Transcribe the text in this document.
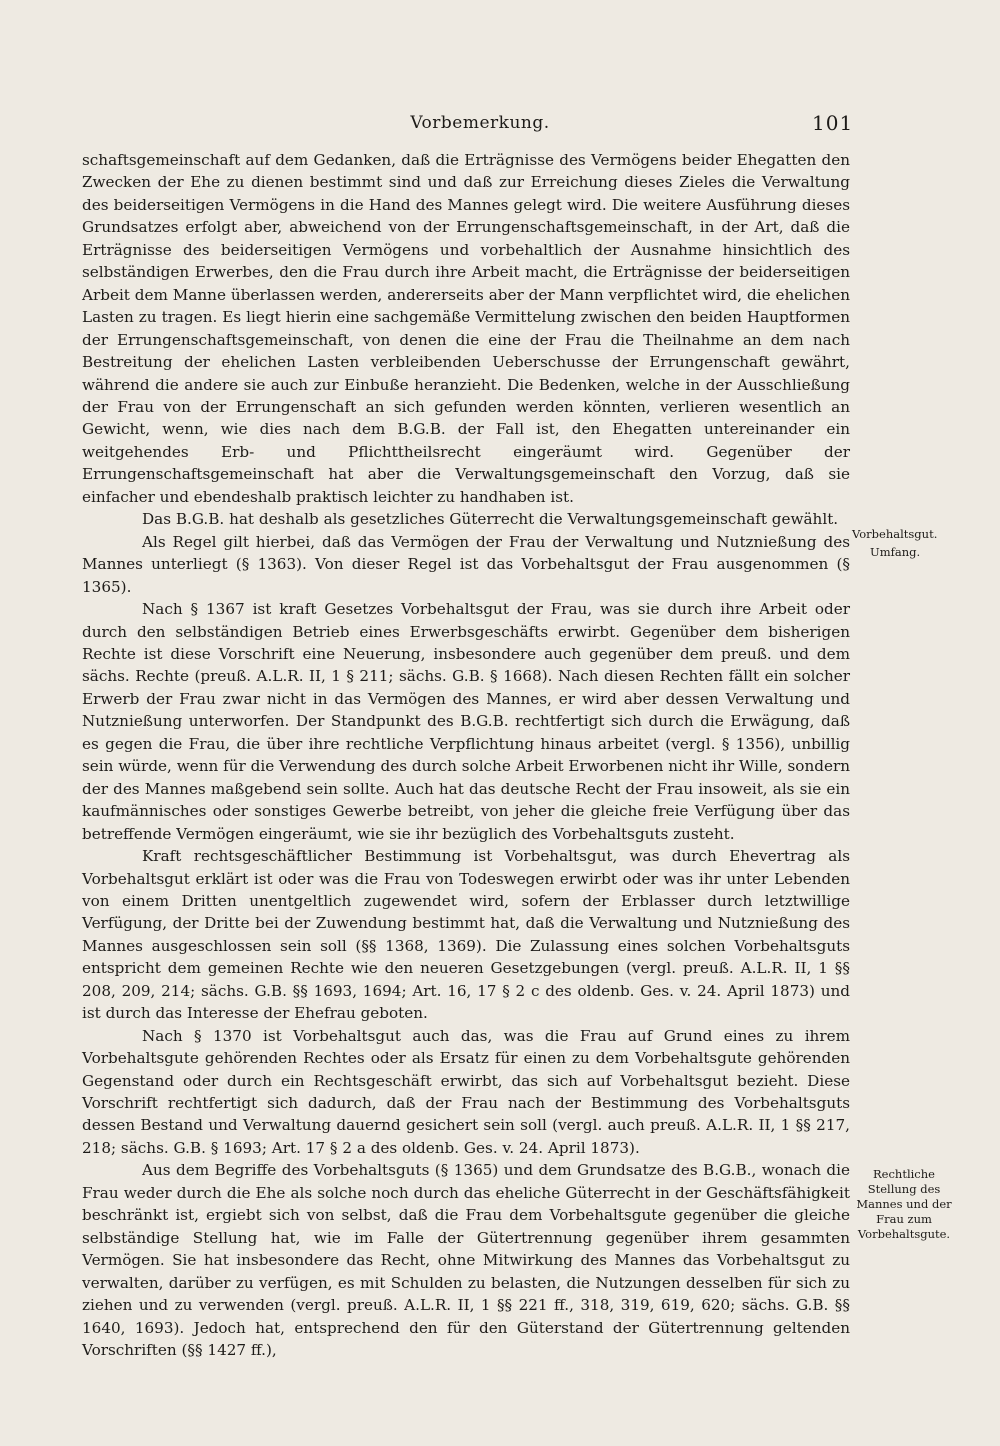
Vorbemerkung.	101

schaftsgemeinschaft auf dem Gedanken, daß die Erträgnisse des Vermögens beider Ehegatten den Zwecken der Ehe zu dienen bestimmt sind und daß zur Erreichung dieses Zieles die Verwaltung des beiderseitigen Vermögens in die Hand des Mannes gelegt wird. Die weitere Ausführung dieses Grundsatzes erfolgt aber, abweichend von der Errungenschaftsgemeinschaft, in der Art, daß die Erträgnisse des beiderseitigen Vermögens und vorbehaltlich der Ausnahme hinsichtlich des selbständigen Erwerbes, den die Frau durch ihre Arbeit macht, die Erträgnisse der beiderseitigen Arbeit dem Manne überlassen werden, andererseits aber der Mann verpflichtet wird, die ehelichen Lasten zu tragen. Es liegt hierin eine sachgemäße Vermittelung zwischen den beiden Hauptformen der Errungenschaftsgemeinschaft, von denen die eine der Frau die Theilnahme an dem nach Bestreitung der ehelichen Lasten verbleibenden Ueberschusse der Errungenschaft gewährt, während die andere sie auch zur Einbuße heranzieht. Die Bedenken, welche in der Ausschließung der Frau von der Errungenschaft an sich gefunden werden könnten, verlieren wesentlich an Gewicht, wenn, wie dies nach dem B.G.B. der Fall ist, den Ehegatten untereinander ein weitgehendes Erb- und Pflichttheilsrecht eingeräumt wird. Gegenüber der Errungenschaftsgemeinschaft hat aber die Verwaltungsgemeinschaft den Vorzug, daß sie einfacher und ebendeshalb praktisch leichter zu handhaben ist.

Das B.G.B. hat deshalb als gesetzliches Güterrecht die Verwaltungsgemeinschaft gewählt.

Als Regel gilt hierbei, daß das Vermögen der Frau der Verwaltung und Nutznießung des Mannes unterliegt (§ 1363). Von dieser Regel ist das Vorbehaltsgut der Frau ausgenommen (§ 1365).

Nach § 1367 ist kraft Gesetzes Vorbehaltsgut der Frau, was sie durch ihre Arbeit oder durch den selbständigen Betrieb eines Erwerbsgeschäfts erwirbt. Gegenüber dem bisherigen Rechte ist diese Vorschrift eine Neuerung, insbesondere auch gegenüber dem preuß. und dem sächs. Rechte (preuß. A.L.R. II, 1 § 211; sächs. G.B. § 1668). Nach diesen Rechten fällt ein solcher Erwerb der Frau zwar nicht in das Vermögen des Mannes, er wird aber dessen Verwaltung und Nutznießung unterworfen. Der Standpunkt des B.G.B. rechtfertigt sich durch die Erwägung, daß es gegen die Frau, die über ihre rechtliche Verpflichtung hinaus arbeitet (vergl. § 1356), unbillig sein würde, wenn für die Verwendung des durch solche Arbeit Erworbenen nicht ihr Wille, sondern der des Mannes maßgebend sein sollte. Auch hat das deutsche Recht der Frau insoweit, als sie ein kaufmännisches oder sonstiges Gewerbe betreibt, von jeher die gleiche freie Verfügung über das betreffende Vermögen eingeräumt, wie sie ihr bezüglich des Vorbehaltsguts zusteht.

Kraft rechtsgeschäftlicher Bestimmung ist Vorbehaltsgut, was durch Ehevertrag als Vorbehaltsgut erklärt ist oder was die Frau von Todeswegen erwirbt oder was ihr unter Lebenden von einem Dritten unentgeltlich zugewendet wird, sofern der Erblasser durch letztwillige Verfügung, der Dritte bei der Zuwendung bestimmt hat, daß die Verwaltung und Nutznießung des Mannes ausgeschlossen sein soll (§§ 1368, 1369). Die Zulassung eines solchen Vorbehaltsguts entspricht dem gemeinen Rechte wie den neueren Gesetzgebungen (vergl. preuß. A.L.R. II, 1 §§ 208, 209, 214; sächs. G.B. §§ 1693, 1694; Art. 16, 17 § 2 c des oldenb. Ges. v. 24. April 1873) und ist durch das Interesse der Ehefrau geboten.

Nach § 1370 ist Vorbehaltsgut auch das, was die Frau auf Grund eines zu ihrem Vorbehaltsgute gehörenden Rechtes oder als Ersatz für einen zu dem Vorbehaltsgute gehörenden Gegenstand oder durch ein Rechtsgeschäft erwirbt, das sich auf Vorbehaltsgut bezieht. Diese Vorschrift rechtfertigt sich dadurch, daß der Frau nach der Bestimmung des Vorbehaltsguts dessen Bestand und Verwaltung dauernd gesichert sein soll (vergl. auch preuß. A.L.R. II, 1 §§ 217, 218; sächs. G.B. § 1693; Art. 17 § 2 a des oldenb. Ges. v. 24. April 1873).

Aus dem Begriffe des Vorbehaltsguts (§ 1365) und dem Grundsatze des B.G.B., wonach die Frau weder durch die Ehe als solche noch durch das eheliche Güterrecht in der Geschäftsfähigkeit beschränkt ist, ergiebt sich von selbst, daß die Frau dem Vorbehaltsgute gegenüber die gleiche selbständige Stellung hat, wie im Falle der Gütertrennung gegenüber ihrem gesammten Vermögen. Sie hat insbesondere das Recht, ohne Mitwirkung des Mannes das Vorbehaltsgut zu verwalten, darüber zu verfügen, es mit Schulden zu belasten, die Nutzungen desselben für sich zu ziehen und zu verwenden (vergl. preuß. A.L.R. II, 1 §§ 221 ff., 318, 319, 619, 620; sächs. G.B. §§ 1640, 1693). Jedoch hat, entsprechend den für den Güterstand der Gütertrennung geltenden Vorschriften (§§ 1427 ff.),

Vorbehaltsgut.
Umfang.
Rechtliche Stellung des Mannes und der Frau zum Vorbehaltsgute.
